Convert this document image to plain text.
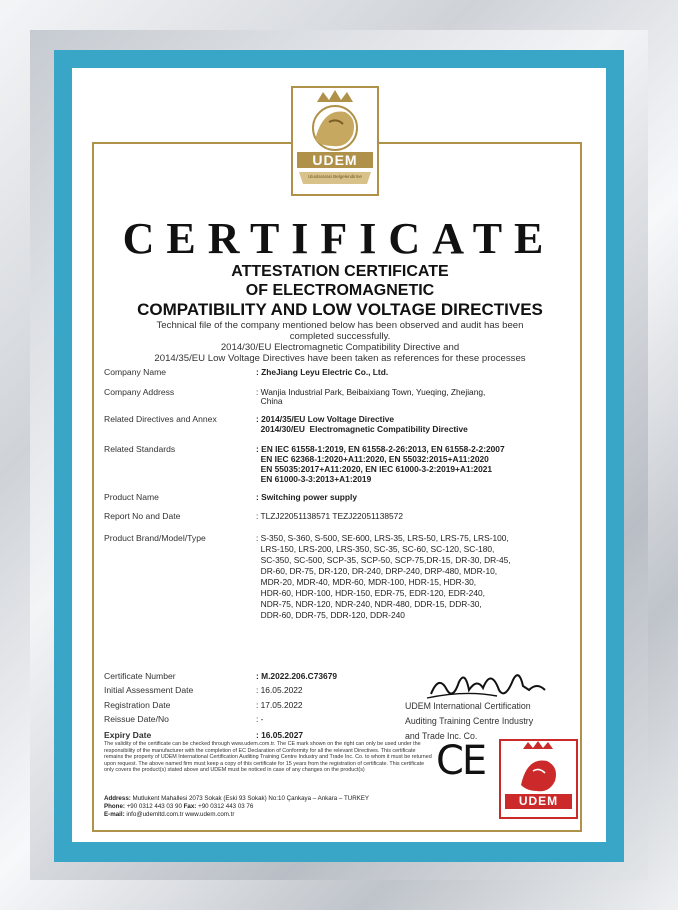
UDEM
Uluslararasi Belgelendirme
CERTIFICATE
ATTESTATION CERTIFICATE
OF ELECTROMAGNETIC
COMPATIBILITY AND LOW VOLTAGE DIRECTIVES
Technical file of the company mentioned below has been observed and audit has been
completed successfully.
2014/30/EU Electromagnetic Compatibility Directive and
2014/35/EU Low Voltage Directives have been taken as references for these processes
Company Name	: ZheJiang Leyu Electric Co., Ltd.
Company Address	: Wanjia Industrial Park, Beibaixiang Town, Yueqing, Zhejiang,
China
Related Directives and Annex	: 2014/35/EU Low Voltage Directive
2014/30/EU  Electromagnetic Compatibility Directive
Related Standards	: EN IEC 61558-1:2019, EN 61558-2-26:2013, EN 61558-2-2:2007
EN IEC 62368-1:2020+A11:2020, EN 55032:2015+A11:2020
EN 55035:2017+A11:2020, EN IEC 61000-3-2:2019+A1:2021
EN 61000-3-3:2013+A1:2019
Product Name	: Switching power supply
Report No and Date	: TLZJ22051138571 TEZJ22051138572
Product Brand/Model/Type	: S-350, S-360, S-500, SE-600, LRS-35, LRS-50, LRS-75, LRS-100,
LRS-150, LRS-200, LRS-350, SC-35, SC-60, SC-120, SC-180,
SC-350, SC-500, SCP-35, SCP-50, SCP-75,DR-15, DR-30, DR-45,
DR-60, DR-75, DR-120, DR-240, DRP-240, DRP-480, MDR-10,
MDR-20, MDR-40, MDR-60, MDR-100, HDR-15, HDR-30,
HDR-60, HDR-100, HDR-150, EDR-75, EDR-120, EDR-240,
NDR-75, NDR-120, NDR-240, NDR-480, DDR-15, DDR-30,
DDR-60, DDR-75, DDR-120, DDR-240
Certificate Number	: M.2022.206.C73679
Initial Assessment Date	: 16.05.2022
Registration Date	: 17.05.2022
Reissue Date/No	: -
Expiry Date	: 16.05.2027
UDEM International Certification
Auditing Training Centre Industry
and Trade Inc. Co.
The validity of the certificate can be checked through www.udem.com.tr. The CE mark shown on the right can only be used under the responsibility of the manufacturer with the completion of EC Declaration of Conformity for all the relevant Directives. This certificate remains the property of UDEM International Certification Auditing Training Centre Industry and Trade Inc. Co. to whom it must be returned upon request. The above named firm must keep a copy of this certificate for 15 years from the registration of certificate. This certificate only covers the product(s) stated above and UDEM must be noticed in case of any changes on the product(s)
Address: Mutlukent Mahallesi 2073 Sokak (Eski 93 Sokak) No:10 Çankaya – Ankara – TURKEY
Phone: +90 0312 443 03 90 Fax: +90 0312 443 03 76
E-mail: info@udemltd.com.tr www.udem.com.tr
CE
UDEM
